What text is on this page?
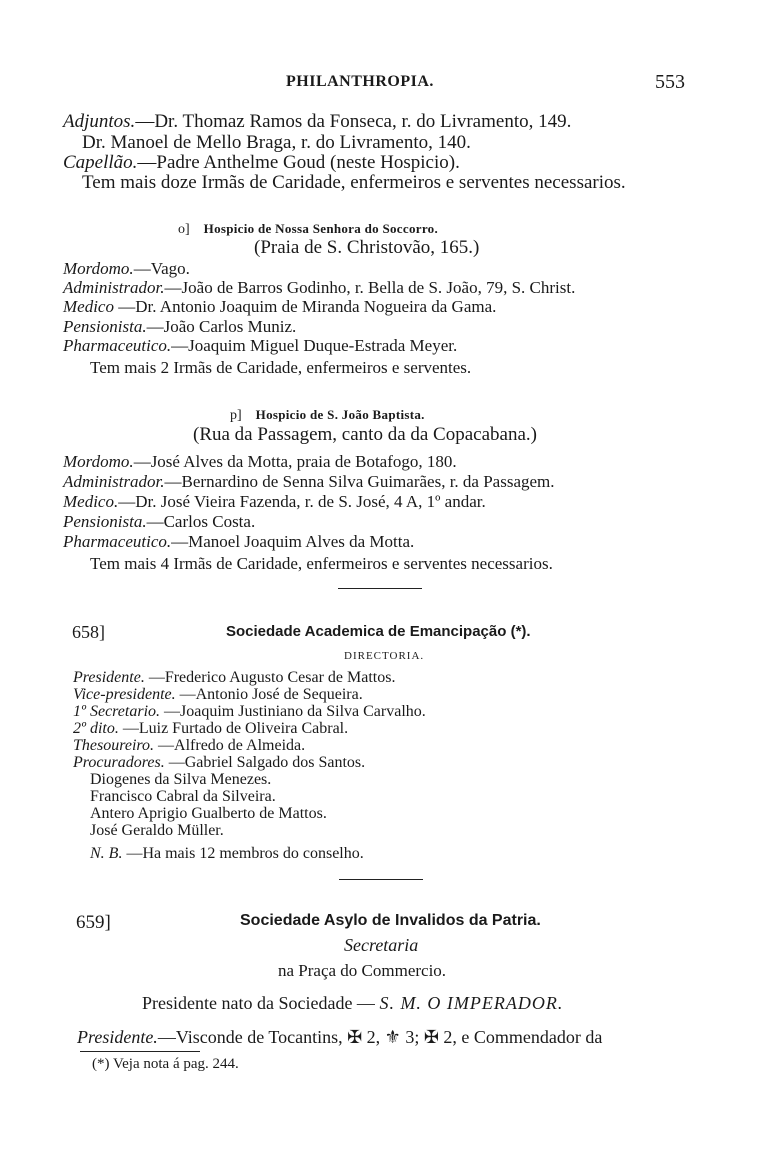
PHILANTHROPIA.	553
Adjuntos.—Dr. Thomaz Ramos da Fonseca, r. do Livramento, 149.
Dr. Manoel de Mello Braga, r. do Livramento, 140.
Capellão.—Padre Anthelme Goud (neste Hospicio).
Tem mais doze Irmãs de Caridade, enfermeiros e serventes necessarios.
o] Hospicio de Nossa Senhora do Soccorro.
(Praia de S. Christovão, 165.)
Mordomo.—Vago.
Administrador.—João de Barros Godinho, r. Bella de S. João, 79, S. Christ.
Medico —Dr. Antonio Joaquim de Miranda Nogueira da Gama.
Pensionista.—João Carlos Muniz.
Pharmaceutico.—Joaquim Miguel Duque-Estrada Meyer.
Tem mais 2 Irmãs de Caridade, enfermeiros e serventes.
p] Hospicio de S. João Baptista.
(Rua da Passagem, canto da da Copacabana.)
Mordomo.—José Alves da Motta, praia de Botafogo, 180.
Administrador.—Bernardino de Senna Silva Guimarães, r. da Passagem.
Medico.—Dr. José Vieira Fazenda, r. de S. José, 4 A, 1º andar.
Pensionista.—Carlos Costa.
Pharmaceutico.—Manoel Joaquim Alves da Motta.
Tem mais 4 Irmãs de Caridade, enfermeiros e serventes necessarios.
658]	Sociedade Academica de Emancipação (*).
DIRECTORIA.
Presidente. —Frederico Augusto Cesar de Mattos.
Vice-presidente. —Antonio José de Sequeira.
1º Secretario. —Joaquim Justiniano da Silva Carvalho.
2º dito. —Luiz Furtado de Oliveira Cabral.
Thesoureiro. —Alfredo de Almeida.
Procuradores. —Gabriel Salgado dos Santos.
Diogenes da Silva Menezes.
Francisco Cabral da Silveira.
Antero Aprigio Gualberto de Mattos.
José Geraldo Müller.
N. B. —Ha mais 12 membros do conselho.
659]	Sociedade Asylo de Invalidos da Patria.
Secretaria
na Praça do Commercio.
Presidente nato da Sociedade — S. M. O IMPERADOR.
Presidente.—Visconde de Tocantins, ✠ 2, ⚜ 3; ✠ 2, e Commendador da
(*) Veja nota á pag. 244.
